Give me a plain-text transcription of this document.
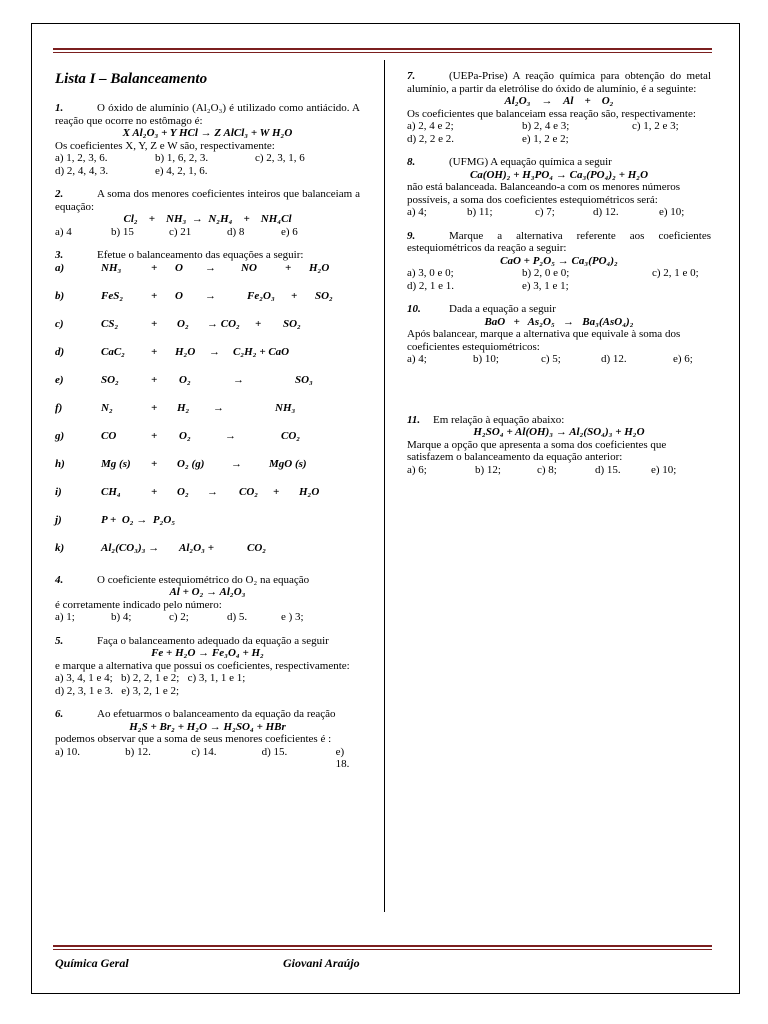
Lista I – Balanceamento
1.	O óxido de alumínio (Al₂O₃) é utilizado como antiácido. A reação que ocorre no estômago é:
X Al₂O₃ + Y HCl → Z AlCl₃ + W H₂O
Os coeficientes X, Y, Z e W são, respectivamente:
a) 1, 2, 3, 6.	b) 1, 6, 2, 3.	c) 2, 3, 1, 6
d) 2, 4, 4, 3.	e) 4, 2, 1, 6.
2.	A soma dos menores coeficientes inteiros que balanceiam a equação:
Cl₂    +    NH₃  →  N₂H₄    +    NH₄Cl
a) 4	b) 15	c) 21	d) 8	e) 6
3.	Efetue o balanceamento das equações a seguir:
a)	NH₃	+	O	→	NO	+	H₂O
b)	FeS₂	+	O	→	Fe₂O₃	+	SO₂
c)	CS₂	+	O₂	→ CO₂	+	SO₂
d)	CaC₂	+	H₂O	→	C₂H₂ + CaO
e)	SO₂	+	O₂	→	SO₃
f)	N₂	+	H₂	→	NH₃
g)	CO	+	O₂	→	CO₂
h)	Mg (s)	+	O₂ (g)	→	MgO (s)
i)	CH₄	+	O₂	→	CO₂	+	H₂O
j)	P +  O₂ →  P₂O₅
k)	Al₂(CO₃)₃ →	Al₂O₃ +	CO₂
4.	O coeficiente estequiométrico do O₂ na equação
Al + O₂ → Al₂O₃
é corretamente indicado pelo número:
a) 1;	b) 4;	c) 2;	d) 5.	e ) 3;
5.	Faça o balanceamento adequado da equação a seguir
Fe + H₂O → Fe₃O₄ + H₂
e marque a alternativa que possui os coeficientes, respectivamente:
a) 3, 4, 1 e 4;   b) 2, 2, 1 e 2;   c) 3, 1, 1 e 1;
d) 2, 3, 1 e 3.   e) 3, 2, 1 e 2;
6.	Ao efetuarmos o balanceamento da equação da reação
H₂S + Br₂ + H₂O → H₂SO₄ + HBr
podemos observar que a soma de seus menores coeficientes é :
a) 10.	b) 12.	c) 14.	d) 15.	e) 18.
7.	(UEPa-Prise) A reação química para obtenção do metal alumínio, a partir da eletrólise do óxido de alumínio, é a seguinte:
Al₂O₃    →    Al    +    O₂
Os coeficientes que balanceiam essa reação são, respectivamente:
a) 2, 4 e 2;	b) 2, 4 e 3;	c) 1, 2 e 3;
d) 2, 2 e 2.	e) 1, 2 e 2;
8.	(UFMG) A equação química a seguir
Ca(OH)₂ + H₃PO₄ → Ca₃(PO₄)₂ + H₂O
não está balanceada. Balanceando-a com os menores números possíveis, a soma dos coeficientes estequiométricos será:
a) 4;	b) 11;	c) 7;	d) 12.	e) 10;
9.	Marque a alternativa referente aos coeficientes estequiométricos da reação a seguir:
CaO + P₂O₅ → Ca₃(PO₄)₂
a) 3, 0 e 0;	b) 2, 0 e 0;	c) 2, 1 e 0;
d) 2, 1 e 1.	e) 3, 1 e 1;
10.	Dada a equação a seguir
BaO   +   As₂O₅   →   Ba₃(AsO₄)₂
Após balancear, marque a alternativa que equivale à soma dos coeficientes estequiométricos:
a) 4;	b) 10;	c) 5;	d) 12.	e) 6;
11. Em relação à equação abaixo:
H₂SO₄ + Al(OH)₃ → Al₂(SO₄)₃ + H₂O
Marque a opção que apresenta a soma dos coeficientes que satisfazem o balanceamento da equação anterior:
a) 6;	b) 12;	c) 8;	d) 15.	e) 10;
Química Geral	Giovani Araújo
